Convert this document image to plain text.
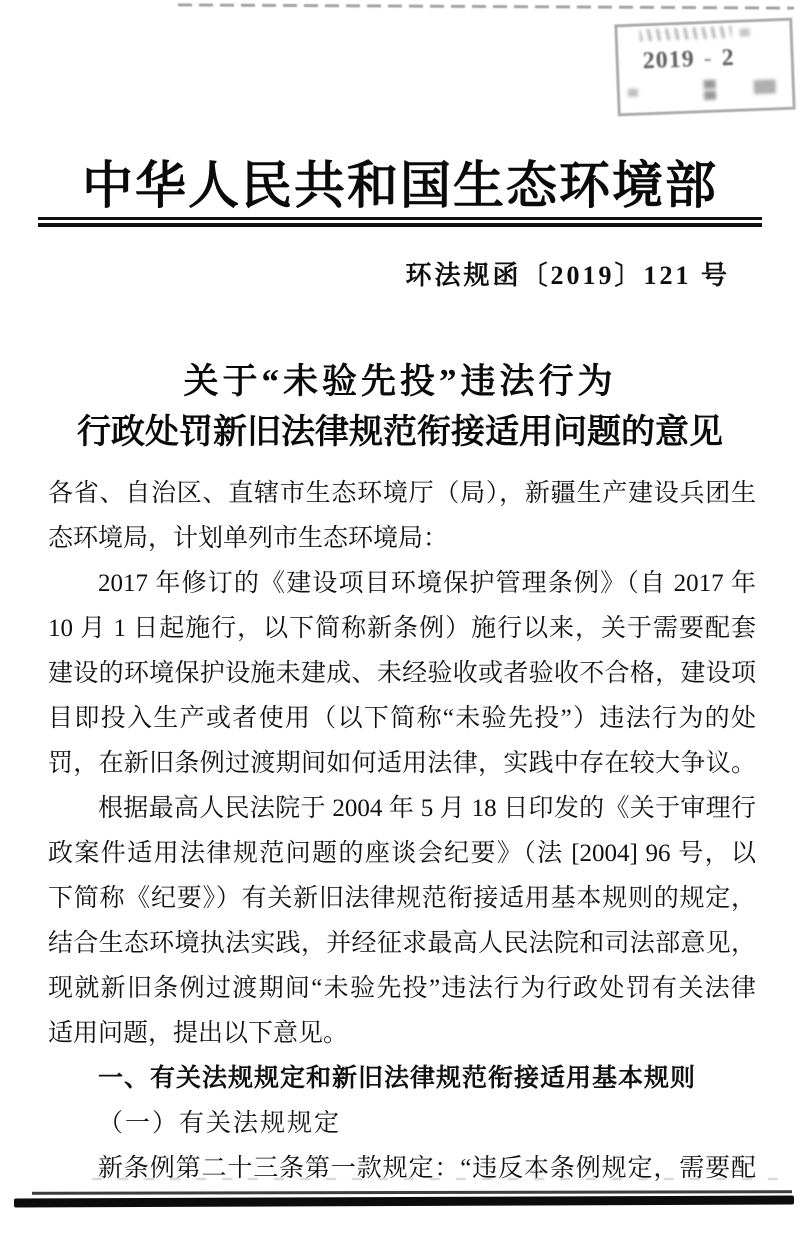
2019 - 2
中华人民共和国生态环境部
环法规函〔2019〕121 号
关于“未验先投”违法行为
行政处罚新旧法律规范衔接适用问题的意见
各省、自治区、直辖市生态环境厅（局），新疆生产建设兵团生
态环境局，计划单列市生态环境局：
2017 年修订的《建设项目环境保护管理条例》（自 2017 年
10 月 1 日起施行，以下简称新条例）施行以来，关于需要配套
建设的环境保护设施未建成、未经验收或者验收不合格，建设项
目即投入生产或者使用（以下简称“未验先投”）违法行为的处
罚，在新旧条例过渡期间如何适用法律，实践中存在较大争议。
根据最高人民法院于 2004 年 5 月 18 日印发的《关于审理行
政案件适用法律规范问题的座谈会纪要》（法 [2004] 96 号，以
下简称《纪要》）有关新旧法律规范衔接适用基本规则的规定，
结合生态环境执法实践，并经征求最高人民法院和司法部意见，
现就新旧条例过渡期间“未验先投”违法行为行政处罚有关法律
适用问题，提出以下意见。
一、有关法规规定和新旧法律规范衔接适用基本规则
（一）有关法规规定
新条例第二十三条第一款规定：“违反本条例规定，需要配
